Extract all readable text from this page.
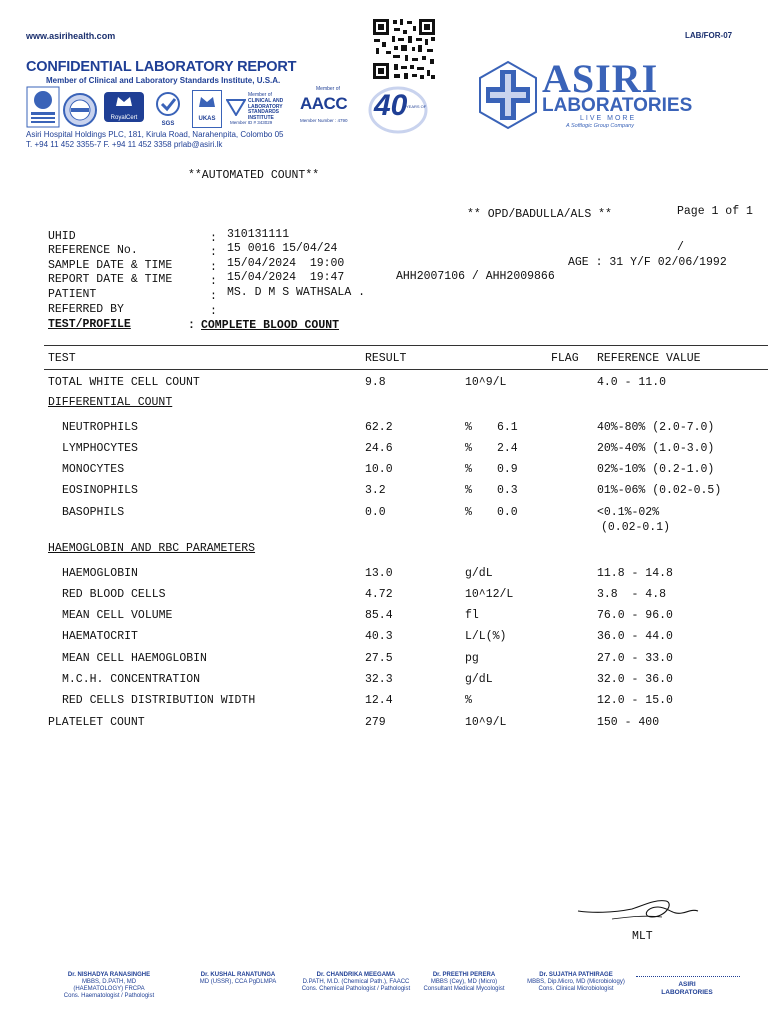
www.asirihealth.com	LAB/FOR-07
CONFIDENTIAL LABORATORY REPORT
Member of Clinical and Laboratory Standards Institute, U.S.A.
RoyalCert
SGS
UKAS
Member of
CLINICAL AND LABORATORY STANDARDS INSTITUTE
Member ID # 343029
Member of
AACC
Member Number : 4790 40
YEARS OF
Asiri Hospital Holdings PLC, 181, Kirula Road, Narahenpita, Colombo 05
T. +94 11 452 3355-7 F. +94 11 452 3358 prlab@asiri.lk
ASIRI
LABORATORIES
LIVE MORE
A Softlogic Group Company
**AUTOMATED COUNT**
** OPD/BADULLA/ALS **	Page 1 of 1
UHID	: 310131111
REFERENCE No.	: 15 0016 15/04/24
SAMPLE DATE & TIME	: 15/04/2024  19:00
REPORT DATE & TIME	: 15/04/2024  19:47
PATIENT	: MS. D M S WATHSALA .
REFERRED BY	:
/
AGE : 31 Y/F 02/06/1992
AHH2007106 / AHH2009866
TEST/PROFILE	: COMPLETE BLOOD COUNT
TEST	RESULT	FLAG REFERENCE VALUE
TOTAL WHITE CELL COUNT	9.8	10^9/L	4.0 - 11.0
DIFFERENTIAL COUNT
NEUTROPHILS	62.2	% 6.1	40%-80% (2.0-7.0)
LYMPHOCYTES	24.6	% 2.4	20%-40% (1.0-3.0)
MONOCYTES	10.0	% 0.9	02%-10% (0.2-1.0)
EOSINOPHILS	3.2	% 0.3	01%-06% (0.02-0.5)
BASOPHILS	0.0	% 0.0	<0.1%-02%
(0.02-0.1)
HAEMOGLOBIN AND RBC PARAMETERS
HAEMOGLOBIN	13.0	g/dL	11.8 - 14.8
RED BLOOD CELLS	4.72	10^12/L	3.8  - 4.8
MEAN CELL VOLUME	85.4	fl	76.0 - 96.0
HAEMATOCRIT	40.3	L/L(%)	36.0 - 44.0
MEAN CELL HAEMOGLOBIN	27.5	pg	27.0 - 33.0
M.C.H. CONCENTRATION	32.3	g/dL	32.0 - 36.0
RED CELLS DISTRIBUTION WIDTH	12.4	%	12.0 - 15.0
PLATELET COUNT	279	10^9/L	150 - 400
MLT
Dr. NISHADYA RANASINGHE
MBBS, D.PATH, MD (HAEMATOLOGY) FRCPA
Cons. Haematologist / Pathologist
Dr. KUSHAL RANATUNGA
MD (USSR), CCA PgDLMPA
Dr. CHANDRIKA MEEGAMA
D.PATH, M.D. (Chemical Path.), FAACC
Cons. Chemical Pathologist / Pathologist
Dr. PREETHI PERERA
MBBS (Cey), MD (Micro)
Consultant Medical Mycologist
Dr. SUJATHA PATHIRAGE
MBBS, Dip.Micro, MD (Microbiology)
Cons. Clinical Microbiologist
ASIRI
LABORATORIES
